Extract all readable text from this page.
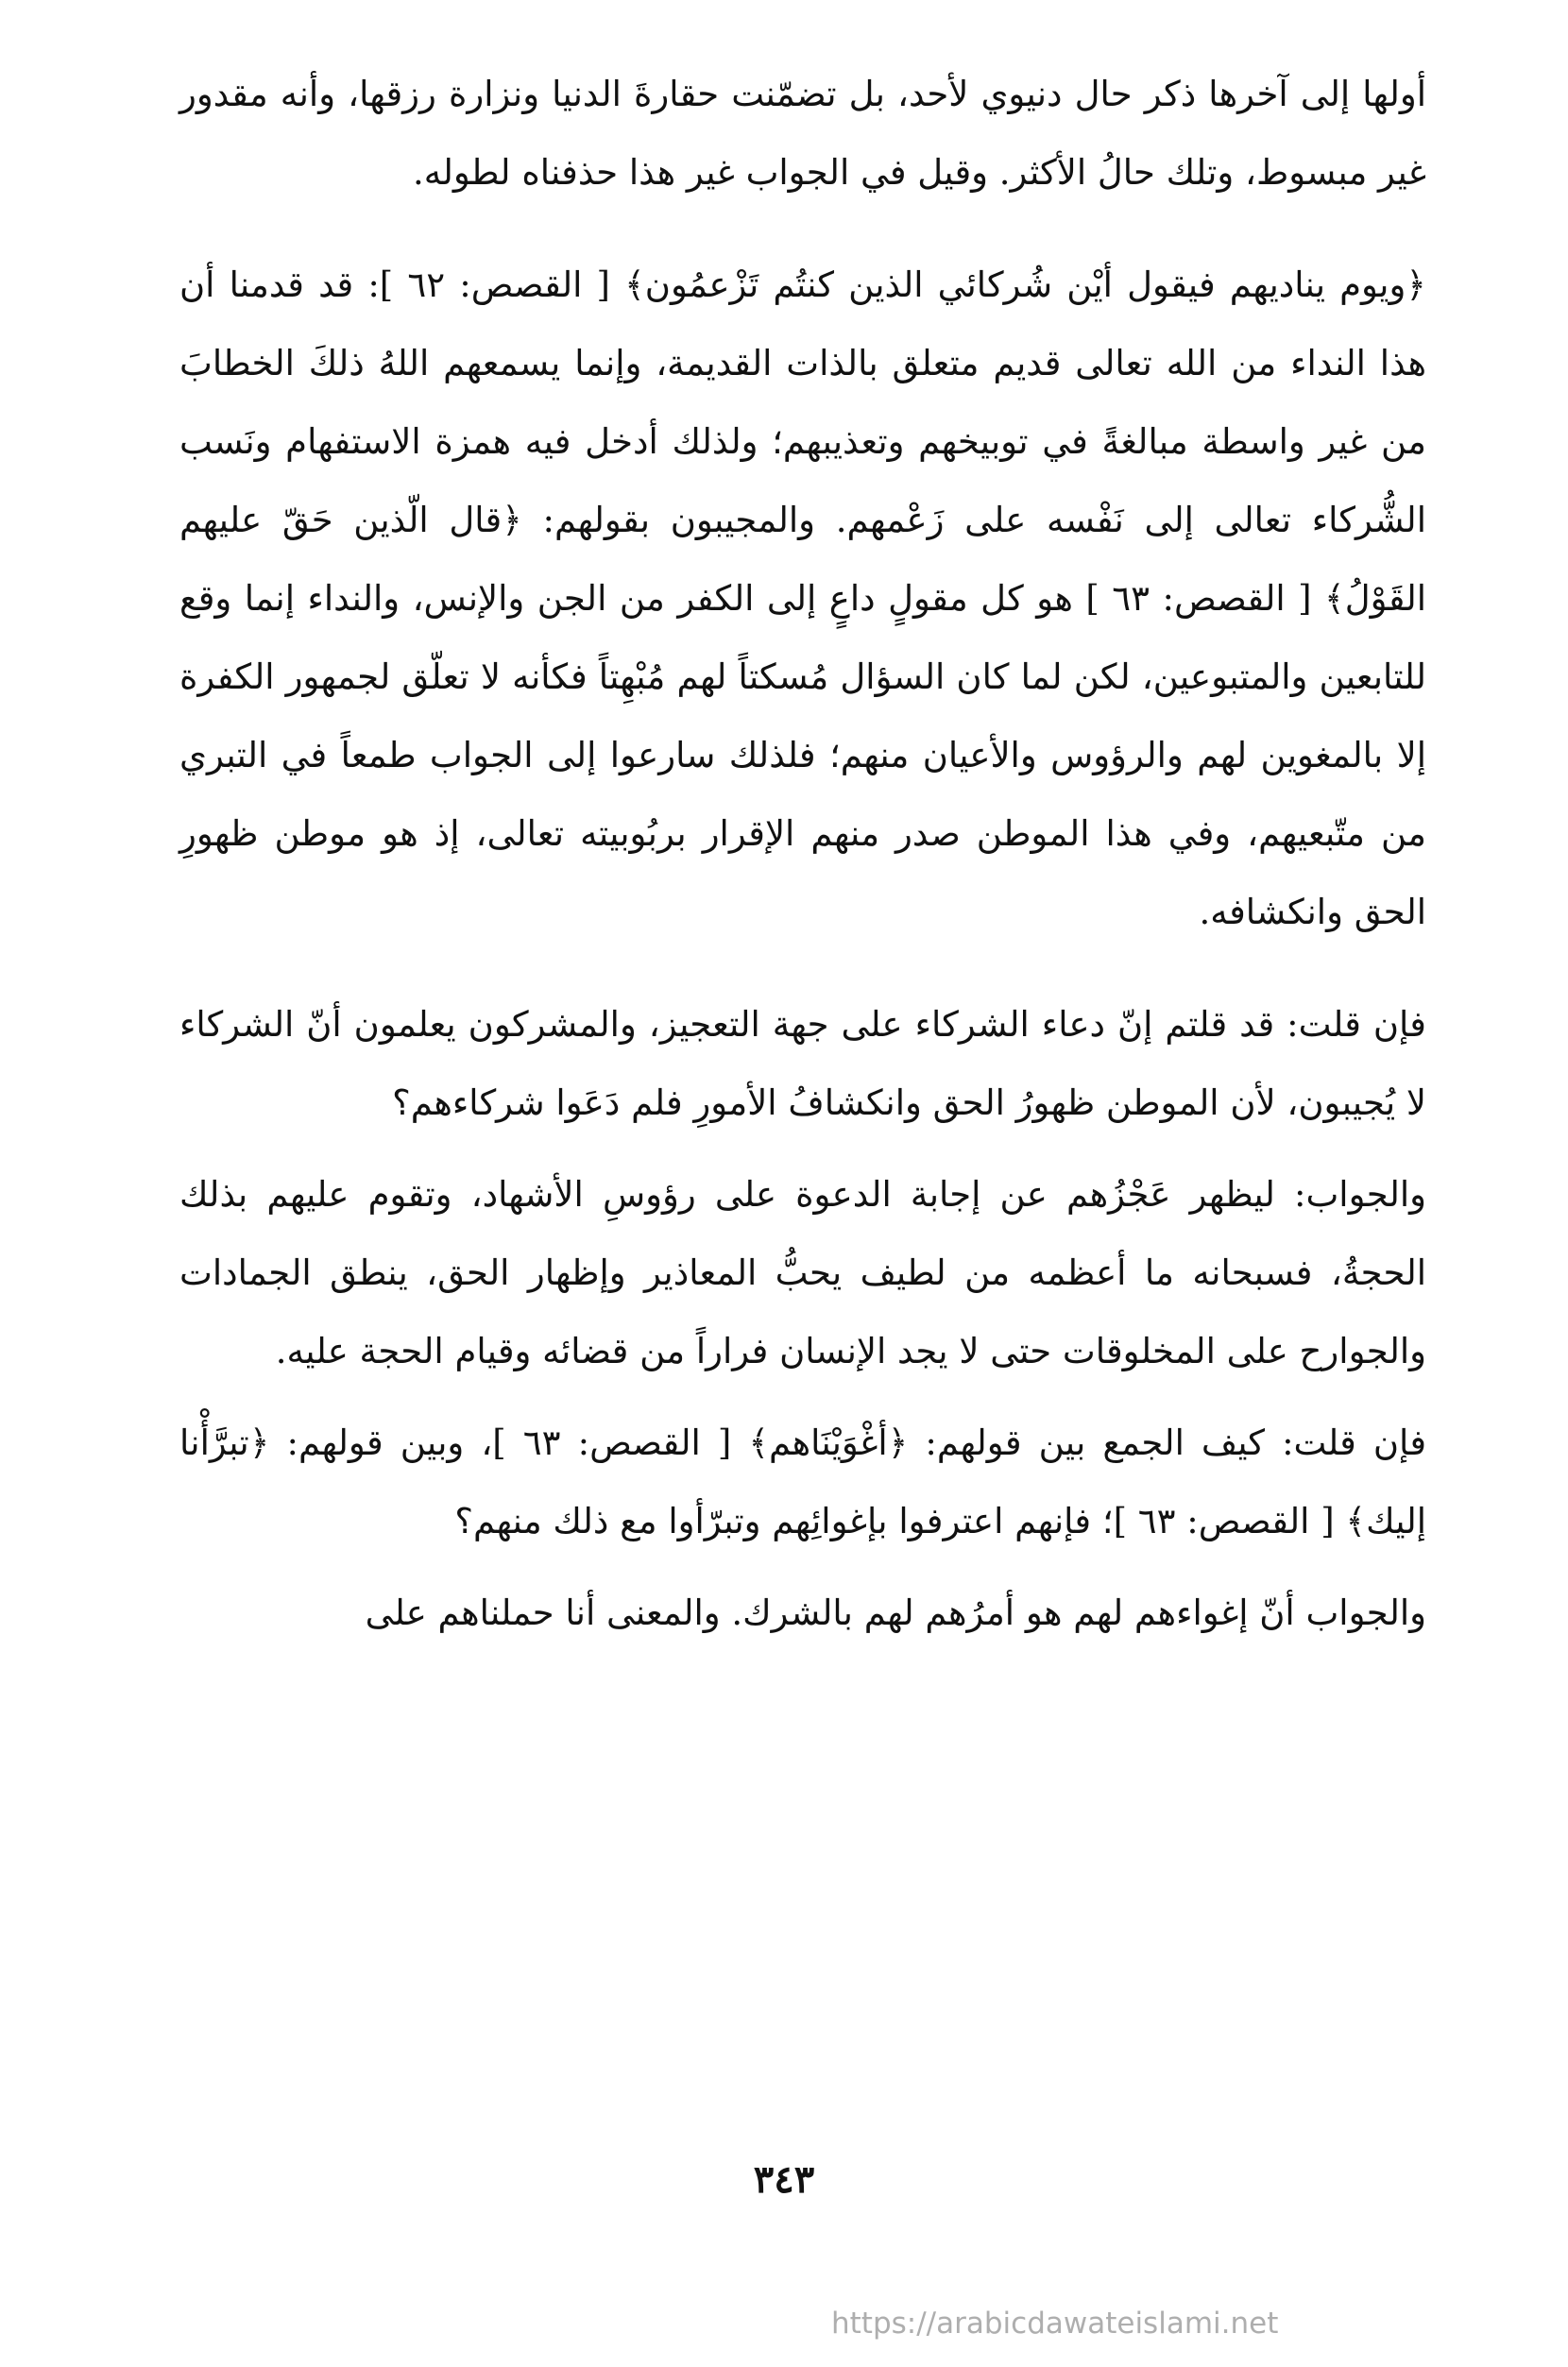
أولها إلى آخرها ذكر حال دنيوي لأحد، بل تضمّنت حقارةَ الدنيا ونزارة رزقها، وأنه مقدور غير مبسوط، وتلك حالُ الأكثر. وقيل في الجواب غير هذا حذفناه لطوله.

﴿ويوم يناديهم فيقول أيْن شُركائي الذين كنتُم تَزْعمُون﴾ [ القصص: ٦٢ ]: قد قدمنا أن هذا النداء من الله تعالى قديم متعلق بالذات القديمة، وإنما يسمعهم اللهُ ذلكَ الخطابَ من غير واسطة مبالغةً في توبيخهم وتعذيبهم؛ ولذلك أدخل فيه همزة الاستفهام ونَسب الشُّركاء تعالى إلى نَفْسه على زَعْمهم. والمجيبون بقولهم: ﴿قال الّذين حَقّ عليهم القَوْلُ﴾ [ القصص: ٦٣ ] هو كل مقولٍ داعٍ إلى الكفر من الجن والإنس، والنداء إنما وقع للتابعين والمتبوعين، لكن لما كان السؤال مُسكتاً لهم مُبْهِتاً فكأنه لا تعلّق لجمهور الكفرة إلا بالمغوين لهم والرؤوس والأعيان منهم؛ فلذلك سارعوا إلى الجواب طمعاً في التبري من متّبعيهم، وفي هذا الموطن صدر منهم الإقرار بربُوبيته تعالى، إذ هو موطن ظهورِ الحق وانكشافه.

فإن قلت: قد قلتم إنّ دعاء الشركاء على جهة التعجيز، والمشركون يعلمون أنّ الشركاء لا يُجيبون، لأن الموطن ظهورُ الحق وانكشافُ الأمورِ فلم دَعَوا شركاءهم؟

والجواب: ليظهر عَجْزُهم عن إجابة الدعوة على رؤوسِ الأشهاد، وتقوم عليهم بذلك الحجةُ، فسبحانه ما أعظمه من لطيف يحبُّ المعاذير وإظهار الحق، ينطق الجمادات والجوارح على المخلوقات حتى لا يجد الإنسان فراراً من قضائه وقيام الحجة عليه.

فإن قلت: كيف الجمع بين قولهم: ﴿أغْوَيْنَاهم﴾ [ القصص: ٦٣ ]، وبين قولهم: ﴿تبرَّأْنا إليك﴾ [ القصص: ٦٣ ]؛ فإنهم اعترفوا بإغوائِهم وتبرّأوا مع ذلك منهم؟

والجواب أنّ إغواءهم لهم هو أمرُهم لهم بالشرك. والمعنى أنا حملناهم على

٣٤٣
https://arabicdawateislami.net
